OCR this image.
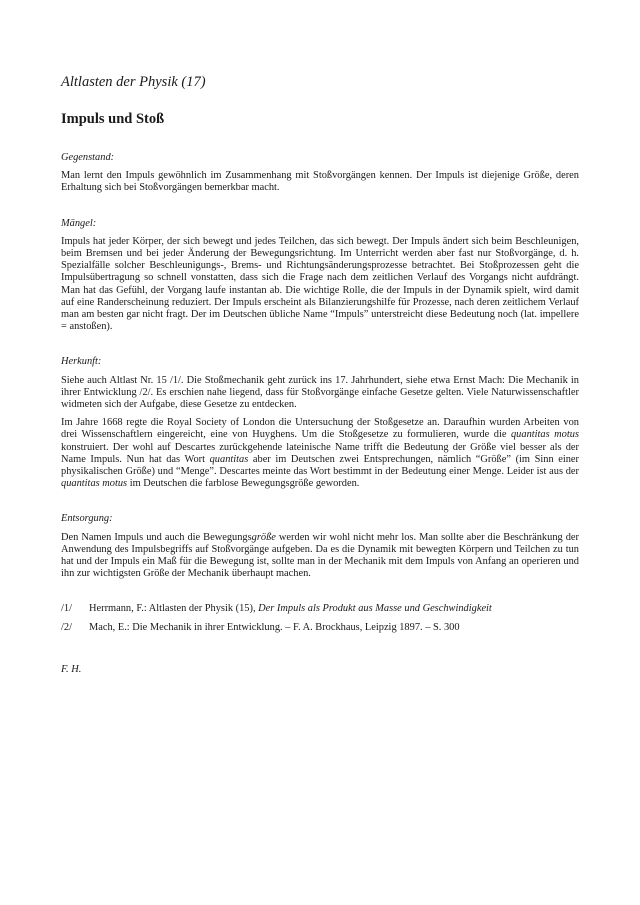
Altlasten der Physik (17)
Impuls und Stoß
Gegenstand:

Man lernt den Impuls gewöhnlich im Zusammenhang mit Stoßvorgängen kennen. Der Impuls ist diejenige Größe, deren Erhaltung sich bei Stoßvorgängen bemerkbar macht.

Mängel:

Impuls hat jeder Körper, der sich bewegt und jedes Teilchen, das sich bewegt. Der Impuls ändert sich beim Beschleunigen, beim Bremsen und bei jeder Änderung der Bewegungsrichtung. Im Unterricht werden aber fast nur Stoßvorgänge, d. h. Spezialfälle solcher Beschleunigungs-, Brems- und Richtungsänderungsprozesse betrachtet. Bei Stoßprozessen geht die Impulsübertragung so schnell vonstatten, dass sich die Frage nach dem zeitlichen Verlauf des Vorgangs nicht aufdrängt. Man hat das Gefühl, der Vorgang laufe instantan ab. Die wichtige Rolle, die der Impuls in der Dynamik spielt, wird damit auf eine Randerscheinung reduziert. Der Impuls erscheint als Bilanzierungshilfe für Prozesse, nach deren zeitlichem Verlauf man am besten gar nicht fragt. Der im Deutschen übliche Name “Impuls” unterstreicht diese Bedeutung noch (lat. impellere = anstoßen).

Herkunft:

Siehe auch Altlast Nr. 15 /1/. Die Stoßmechanik geht zurück ins 17. Jahrhundert, siehe etwa Ernst Mach: Die Mechanik in ihrer Entwicklung /2/. Es erschien nahe liegend, dass für Stoßvorgänge einfache Gesetze gelten. Viele Naturwissenschaftler widmeten sich der Aufgabe, diese Gesetze zu entdecken.

Im Jahre 1668 regte die Royal Society of London die Untersuchung der Stoßgesetze an. Daraufhin wurden Arbeiten von drei Wissenschaftlern eingereicht, eine von Huyghens. Um die Stoßgesetze zu formulieren, wurde die quantitas motus konstruiert. Der wohl auf Descartes zurückgehende lateinische Name trifft die Bedeutung der Größe viel besser als der Name Impuls. Nun hat das Wort quantitas aber im Deutschen zwei Entsprechungen, nämlich “Größe” (im Sinn einer physikalischen Größe) und “Menge”. Descartes meinte das Wort bestimmt in der Bedeutung einer Menge. Leider ist aus der quantitas motus im Deutschen die farblose Bewegungsgröße geworden.

Entsorgung:

Den Namen Impuls und auch die Bewegungsgröße werden wir wohl nicht mehr los. Man sollte aber die Beschränkung der Anwendung des Impulsbegriffs auf Stoßvorgänge aufgeben. Da es die Dynamik mit bewegten Körpern und Teilchen zu tun hat und der Impuls ein Maß für die Bewegung ist, sollte man in der Mechanik mit dem Impuls von Anfang an operieren und ihn zur wichtigsten Größe der Mechanik überhaupt machen.

/1/	Herrmann, F.: Altlasten der Physik (15), Der Impuls als Produkt aus Masse und Geschwindigkeit
/2/	Mach, E.: Die Mechanik in ihrer Entwicklung. – F. A. Brockhaus, Leipzig 1897. – S. 300
F. H.
